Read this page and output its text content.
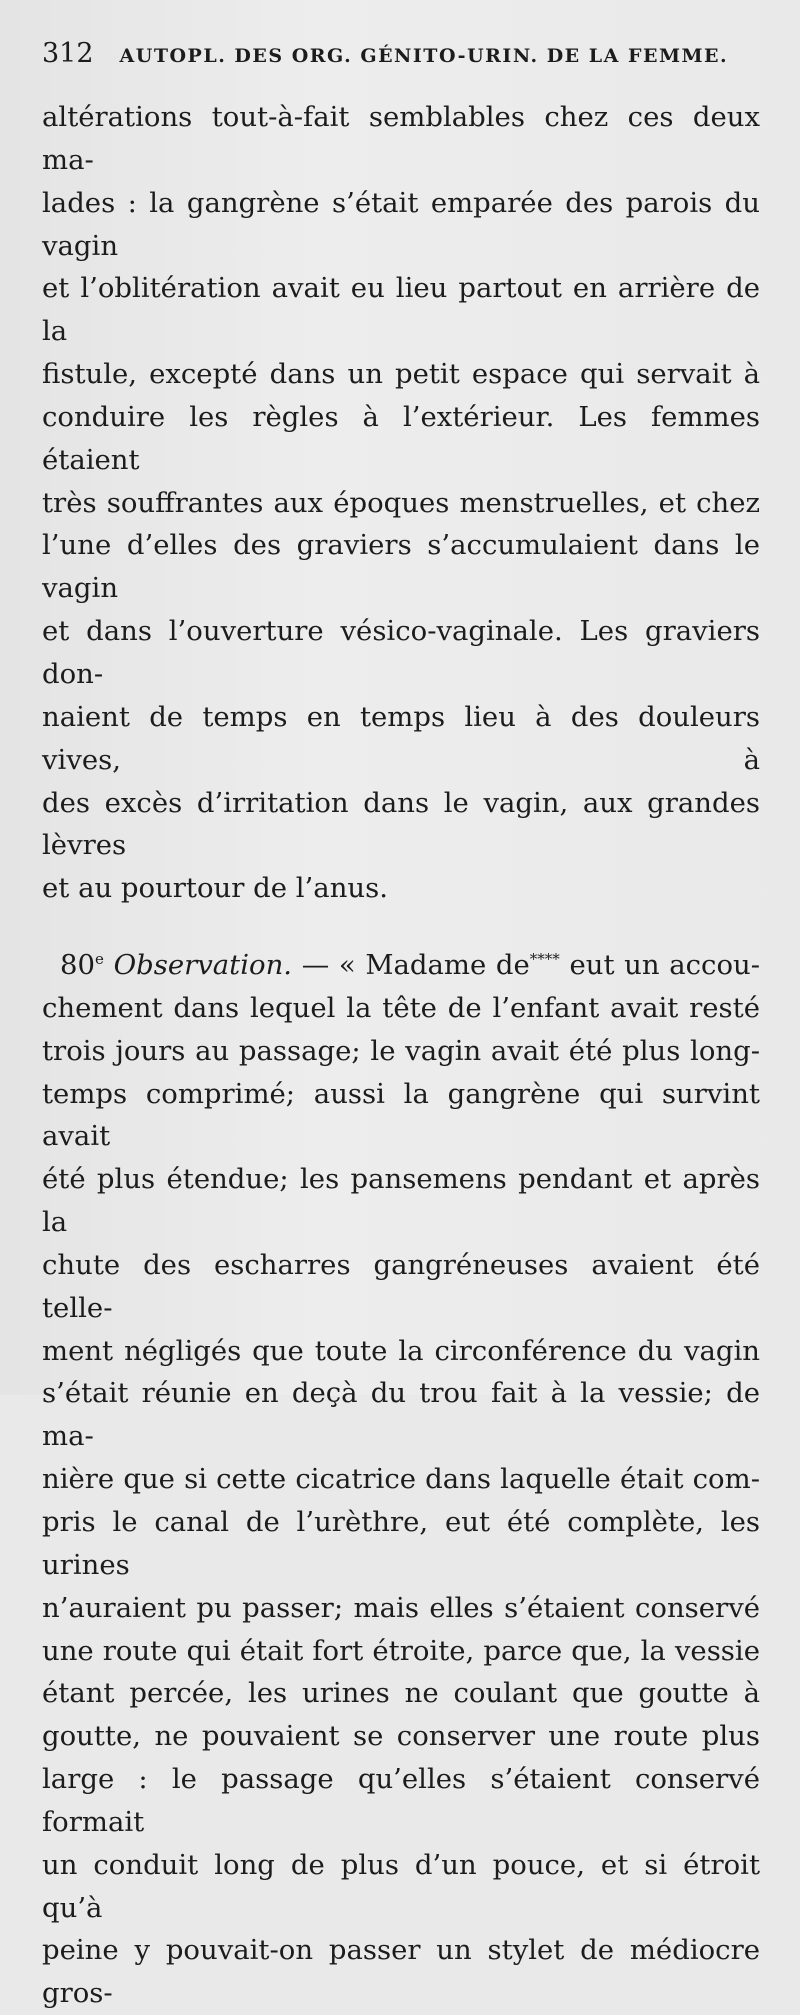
312 AUTOPL. DES ORG. GÉNITO-URIN. DE LA FEMME.

altérations tout-à-fait semblables chez ces deux ma-

lades : la gangrène s’était emparée des parois du vagin

et l’oblitération avait eu lieu partout en arrière de la

fistule, excepté dans un petit espace qui servait à

conduire les règles à l’extérieur. Les femmes étaient

très souffrantes aux époques menstruelles, et chez

l’une d’elles des graviers s’accumulaient dans le vagin

et dans l’ouverture vésico-vaginale. Les graviers don-

naient de temps en temps lieu à des douleurs vives, à

des excès d’irritation dans le vagin, aux grandes lèvres

et au pourtour de l’anus.

80e Observation. — « Madame de**** eut un accou-

chement dans lequel la tête de l’enfant avait resté

trois jours au passage; le vagin avait été plus long-

temps comprimé; aussi la gangrène qui survint avait

été plus étendue; les pansemens pendant et après la

chute des escharres gangréneuses avaient été telle-

ment négligés que toute la circonférence du vagin

s’était réunie en deçà du trou fait à la vessie; de ma-

nière que si cette cicatrice dans laquelle était com-

pris le canal de l’urèthre, eut été complète, les urines

n’auraient pu passer; mais elles s’étaient conservé

une route qui était fort étroite, parce que, la vessie

étant percée, les urines ne coulant que goutte à

goutte, ne pouvaient se conserver une route plus

large : le passage qu’elles s’étaient conservé formait

un conduit long de plus d’un pouce, et si étroit qu’à

peine y pouvait-on passer un stylet de médiocre gros-
